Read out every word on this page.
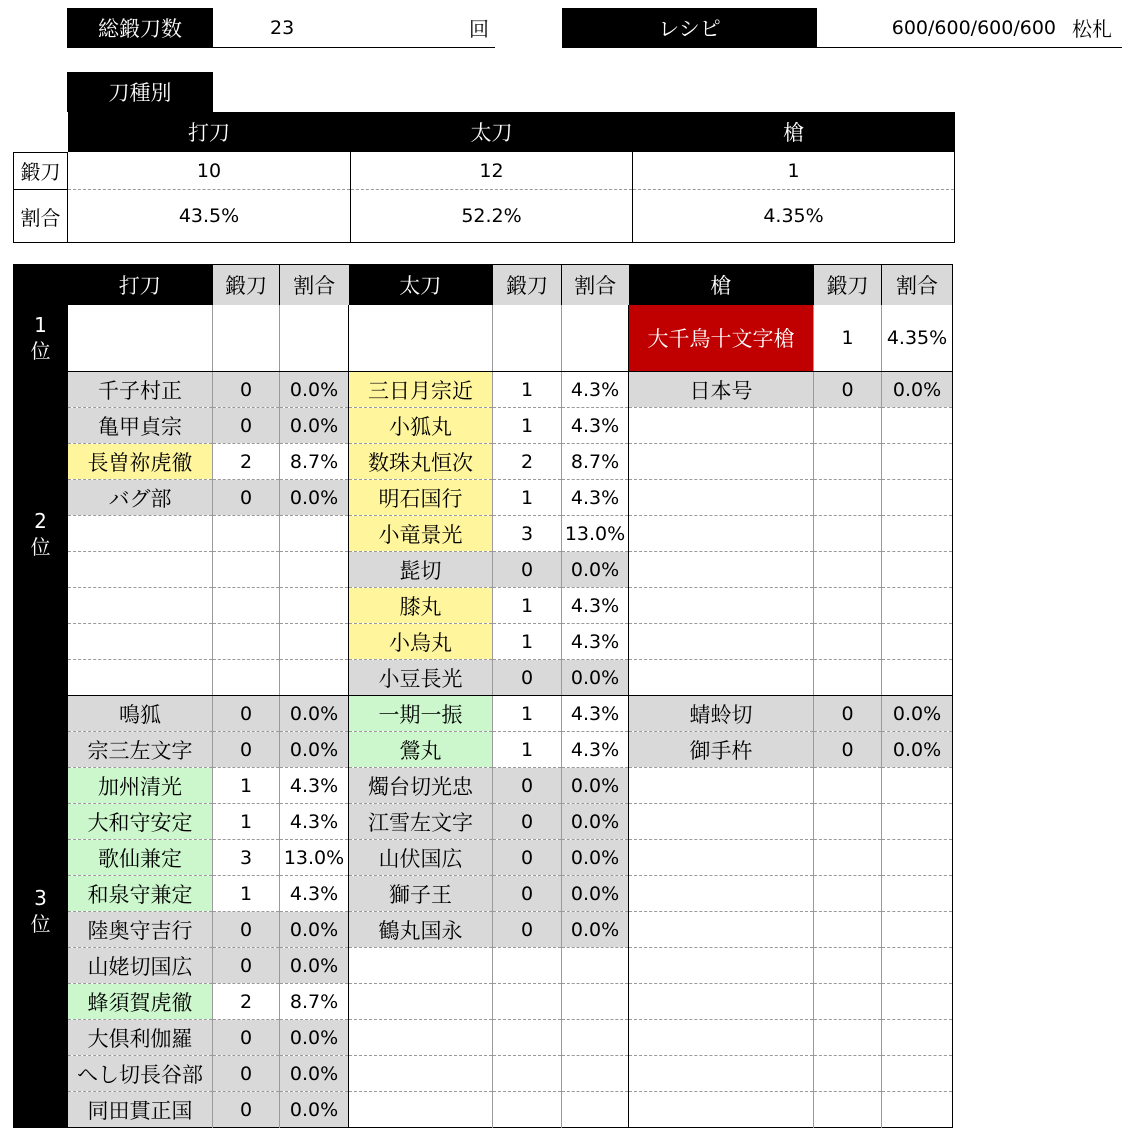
総鍛刀数	23	回	レシピ	600/600/600/600 松札
刀種別
	打刀	太刀	槍
鍛刀	10	12	1
割合	43.5%	52.2%	4.35%
	打刀	鍛刀	割合	太刀	鍛刀	割合	槍	鍛刀	割合
1
位							大千鳥十文字槍	1	4.35%
2
位	千子村正	0	0.0%	三日月宗近	1	4.3%	日本号	0	0.0%
	亀甲貞宗	0	0.0%	小狐丸	1	4.3%			
	長曽祢虎徹	2	8.7%	数珠丸恒次	2	8.7%			
	バグ部	0	0.0%	明石国行	1	4.3%			
				小竜景光	3	13.0%			
				髭切	0	0.0%			
				膝丸	1	4.3%			
				小烏丸	1	4.3%			
				小豆長光	0	0.0%			
3
位	鳴狐	0	0.0%	一期一振	1	4.3%	蜻蛉切	0	0.0%
	宗三左文字	0	0.0%	鶯丸	1	4.3%	御手杵	0	0.0%
	加州清光	1	4.3%	燭台切光忠	0	0.0%			
	大和守安定	1	4.3%	江雪左文字	0	0.0%			
	歌仙兼定	3	13.0%	山伏国広	0	0.0%			
	和泉守兼定	1	4.3%	獅子王	0	0.0%			
	陸奥守吉行	0	0.0%	鶴丸国永	0	0.0%			
	山姥切国広	0	0.0%						
	蜂須賀虎徹	2	8.7%						
	大倶利伽羅	0	0.0%						
	へし切長谷部	0	0.0%						
	同田貫正国	0	0.0%						
